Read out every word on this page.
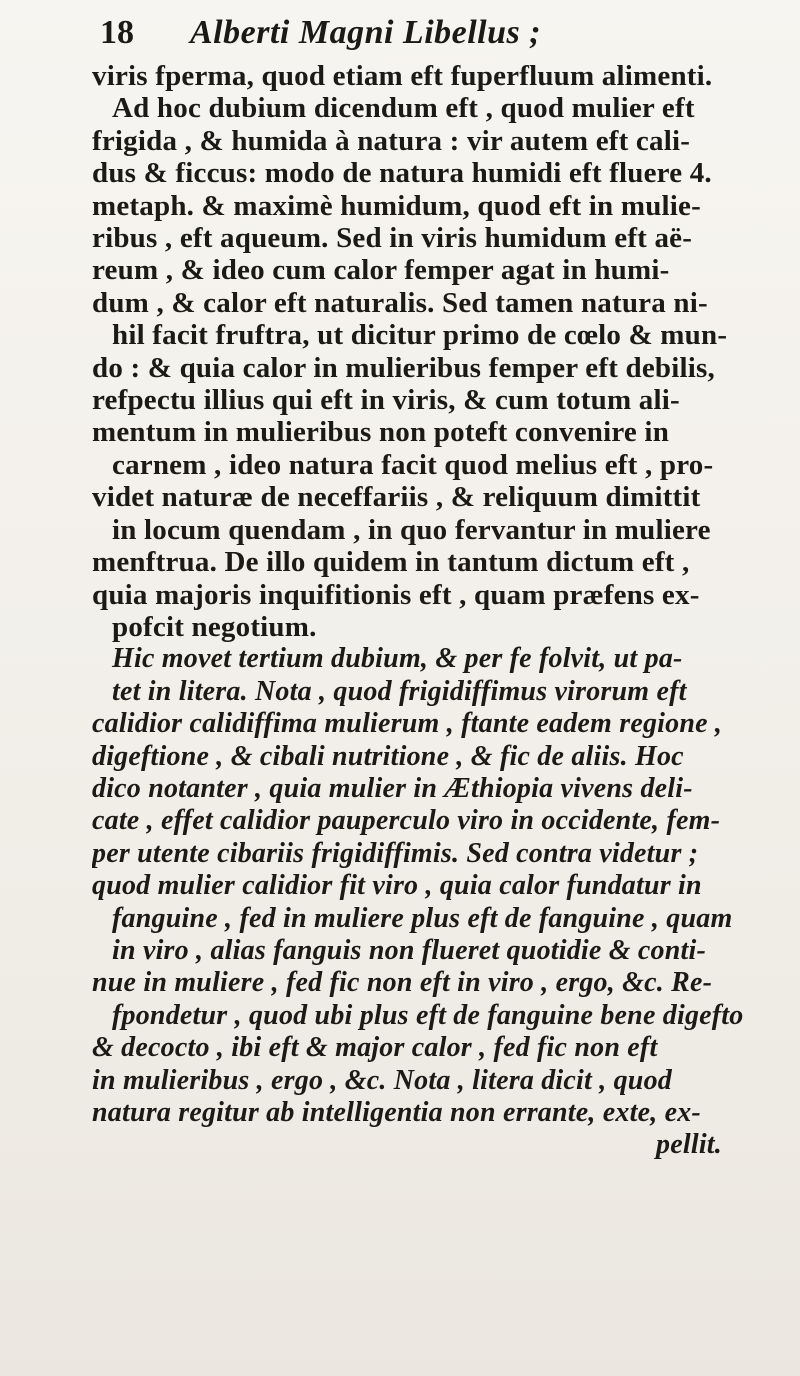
18	Alberti Magni Libellus ;
viris fperma, quod etiam eft fuperfluum alimenti.
Ad hoc dubium dicendum eft , quod mulier eft
frigida , & humida à natura : vir autem eft cali-
dus & ficcus: modo de natura humidi eft fluere 4.
metaph. & maximè humidum, quod eft in mulie-
ribus , eft aqueum. Sed in viris humidum eft aë-
reum , & ideo cum calor femper agat in humi-
dum , & calor eft naturalis. Sed tamen natura ni-
hil facit fruftra, ut dicitur primo de cœlo & mun-
do : & quia calor in mulieribus femper eft debilis,
refpectu illius qui eft in viris, & cum totum ali-
mentum in mulieribus non poteft convenire in
carnem , ideo natura facit quod melius eft , pro-
videt naturæ de neceffariis , & reliquum dimittit
in locum quendam , in quo fervantur in muliere
menftrua. De illo quidem in tantum dictum eft ,
quia majoris inquifitionis eft , quam præfens ex-
pofcit negotium.
Hic movet tertium dubium, & per fe folvit, ut pa-
tet in litera. Nota , quod frigidiffimus virorum eft
calidior calidiffima mulierum , ftante eadem regione ,
digeftione , & cibali nutritione , & fic de aliis. Hoc
dico notanter , quia mulier in Æthiopia vivens deli-
cate , effet calidior pauperculo viro in occidente, fem-
per utente cibariis frigidiffimis. Sed contra videtur ;
quod mulier calidior fit viro , quia calor fundatur in
fanguine , fed in muliere plus eft de fanguine , quam
in viro , alias fanguis non flueret quotidie & conti-
nue in muliere , fed fic non eft in viro , ergo, &c. Re-
fpondetur , quod ubi plus eft de fanguine bene digefto
& decocto , ibi eft & major calor , fed fic non eft
in mulieribus , ergo , &c. Nota , litera dicit , quod
natura regitur ab intelligentia non errante, exte, ex-
pellit.
